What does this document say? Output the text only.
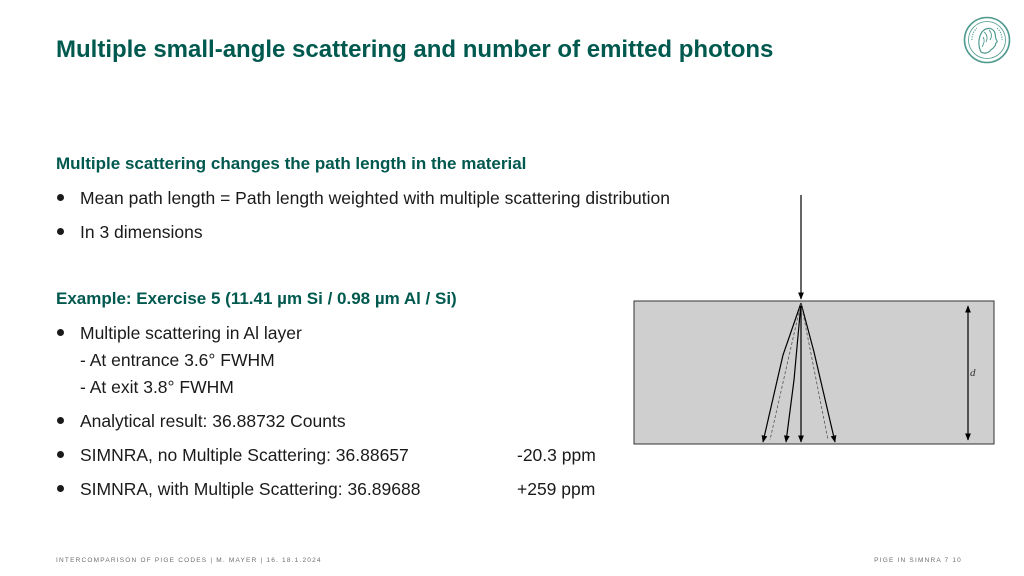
Multiple small-angle scattering and number of emitted photons
Multiple scattering changes the path length in the material
Mean path length = Path length weighted with multiple scattering distribution
In 3 dimensions
Example: Exercise 5 (11.41 µm Si / 0.98 µm Al / Si)
Multiple scattering in Al layer
- At entrance 3.6° FWHM
- At exit 3.8° FWHM
Analytical result: 36.88732 Counts
SIMNRA, no Multiple Scattering: 36.88657	-20.3 ppm
SIMNRA, with Multiple Scattering: 36.89688	+259 ppm
d
INTERCOMPARISON OF PIGE CODES | M. MAYER | 16. 18.1.2024	PIGE IN SIMNRA 7 10
